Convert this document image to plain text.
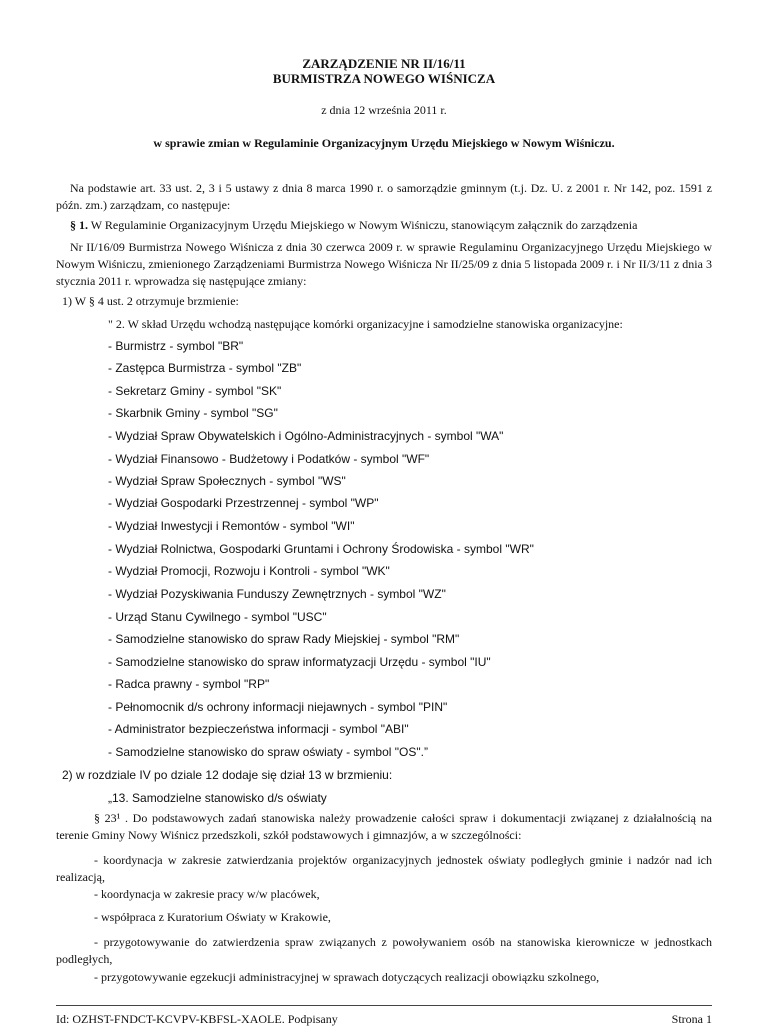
ZARZĄDZENIE NR II/16/11
BURMISTRZA NOWEGO WIŚNICZA
z dnia 12 września 2011 r.
w sprawie zmian w Regulaminie Organizacyjnym Urzędu Miejskiego w Nowym Wiśniczu.
Na podstawie art. 33 ust. 2, 3 i 5 ustawy z dnia 8 marca 1990 r. o samorządzie gminnym (t.j. Dz. U. z 2001 r. Nr 142, poz. 1591 z późn. zm.) zarządzam, co następuje:
§ 1. W Regulaminie Organizacyjnym Urzędu Miejskiego w Nowym Wiśniczu, stanowiącym załącznik do zarządzenia
Nr II/16/09 Burmistrza Nowego Wiśnicza z dnia 30 czerwca 2009 r. w sprawie Regulaminu Organizacyjnego Urzędu Miejskiego w Nowym Wiśniczu, zmienionego Zarządzeniami Burmistrza Nowego Wiśnicza Nr II/25/09 z dnia 5 listopada 2009 r. i Nr II/3/11 z dnia 3 stycznia 2011 r. wprowadza się następujące zmiany:
1) W § 4 ust. 2 otrzymuje brzmienie:
" 2. W skład Urzędu wchodzą następujące komórki organizacyjne i samodzielne stanowiska organizacyjne:
- Burmistrz - symbol "BR"
- Zastępca Burmistrza - symbol "ZB"
- Sekretarz Gminy - symbol "SK"
- Skarbnik Gminy - symbol "SG"
- Wydział Spraw Obywatelskich i Ogólno-Administracyjnych - symbol "WA"
- Wydział Finansowo - Budżetowy i Podatków - symbol "WF"
- Wydział Spraw Społecznych - symbol "WS"
- Wydział Gospodarki Przestrzennej - symbol "WP"
- Wydział Inwestycji i Remontów - symbol "WI"
- Wydział Rolnictwa, Gospodarki Gruntami i Ochrony Środowiska - symbol "WR"
- Wydział Promocji, Rozwoju i Kontroli - symbol "WK"
- Wydział Pozyskiwania Funduszy Zewnętrznych - symbol "WZ"
- Urząd Stanu Cywilnego - symbol "USC"
- Samodzielne stanowisko do spraw Rady Miejskiej - symbol "RM"
- Samodzielne stanowisko do spraw informatyzacji Urzędu - symbol "IU"
- Radca prawny - symbol "RP"
- Pełnomocnik d/s ochrony informacji niejawnych - symbol "PIN"
- Administrator bezpieczeństwa informacji - symbol "ABI"
- Samodzielne stanowisko do spraw oświaty - symbol "OS".”
2) w rozdziale IV po dziale 12 dodaje się dział 13 w brzmieniu:
„13. Samodzielne stanowisko d/s oświaty
§ 23¹ . Do podstawowych zadań stanowiska należy prowadzenie całości spraw i dokumentacji związanej z działalnością na terenie Gminy Nowy Wiśnicz przedszkoli, szkół podstawowych i gimnazjów, a w szczególności:
- koordynacja w zakresie zatwierdzania projektów organizacyjnych jednostek oświaty podległych gminie i nadzór nad ich realizacją,
- koordynacja w zakresie pracy w/w placówek,
- współpraca z Kuratorium Oświaty w Krakowie,
- przygotowywanie do zatwierdzenia spraw związanych z powoływaniem osób na stanowiska kierownicze w jednostkach podległych,
- przygotowywanie egzekucji administracyjnej w sprawach dotyczących realizacji obowiązku szkolnego,
Id: OZHST-FNDCT-KCVPV-KBFSL-XAOLE. Podpisany	Strona 1
